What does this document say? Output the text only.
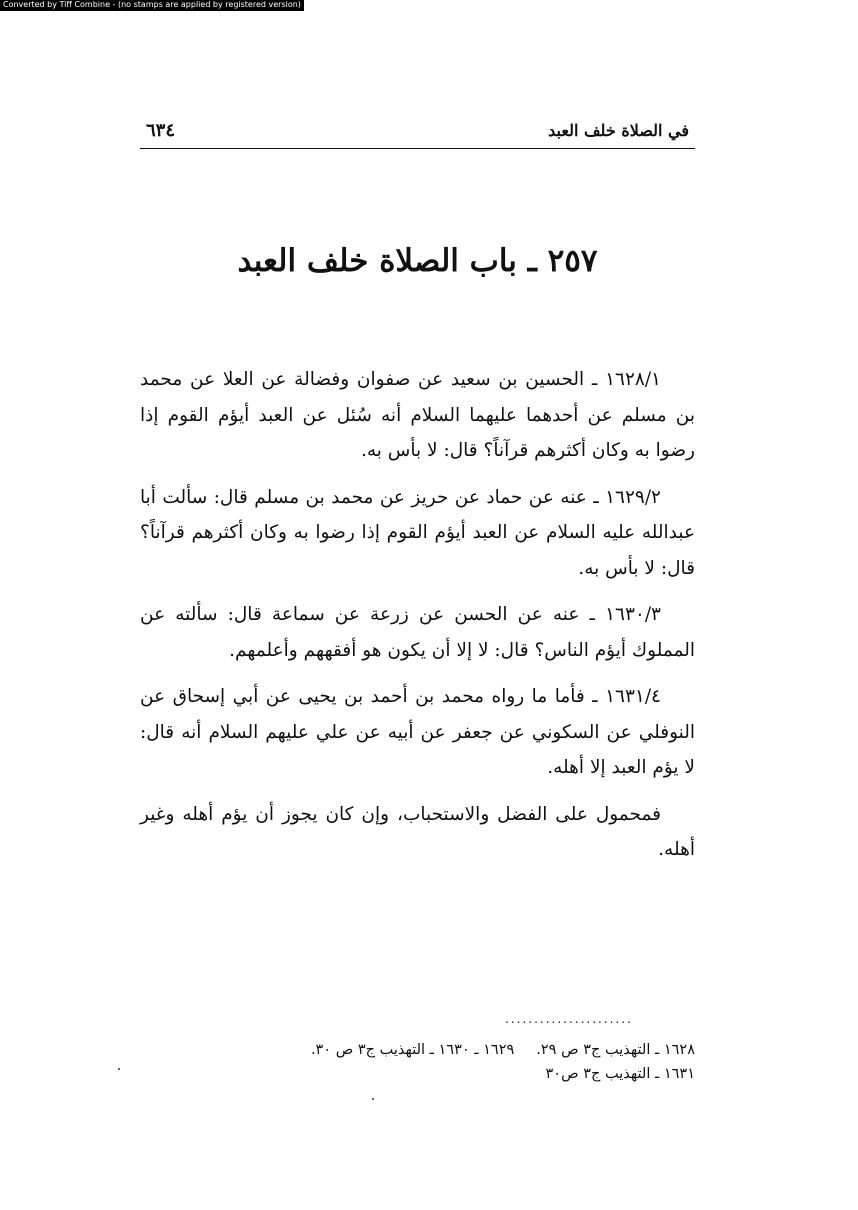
Converted by Tiff Combine - (no stamps are applied by registered version)
في الصلاة خلف العبد
٦٣٤
٢٥٧ ـ باب الصلاة خلف العبد

١٦٢٨/١ ـ الحسين بن سعيد عن صفوان وفضالة عن العلا عن محمد بن مسلم عن أحدهما عليهما السلام أنه سُئل عن العبد أيؤم القوم إذا رضوا به وكان أكثرهم قرآناً؟ قال: لا بأس به.

١٦٢٩/٢ ـ عنه عن حماد عن حريز عن محمد بن مسلم قال: سألت أبا عبدالله عليه السلام عن العبد أيؤم القوم إذا رضوا به وكان أكثرهم قرآناً؟ قال: لا بأس به.

١٦٣٠/٣ ـ عنه عن الحسن عن زرعة عن سماعة قال: سألته عن المملوك أيؤم الناس؟ قال: لا إلا أن يكون هو أفقههم وأعلمهم.

١٦٣١/٤ ـ فأما ما رواه محمد بن أحمد بن يحيى عن أبي إسحاق عن النوفلي عن السكوني عن جعفر عن أبيه عن علي عليهم السلام أنه قال: لا يؤم العبد إلا أهله.

فمحمول على الفضل والاستحباب، وإن كان يجوز أن يؤم أهله وغير أهله.

......................
١٦٢٨ ـ التهذيب ج٣ ص ٢٩.١٦٢٩ ـ ١٦٣٠ ـ التهذيب ج٣ ص ٣٠.
١٦٣١ ـ التهذيب ج٣ ص٣٠
